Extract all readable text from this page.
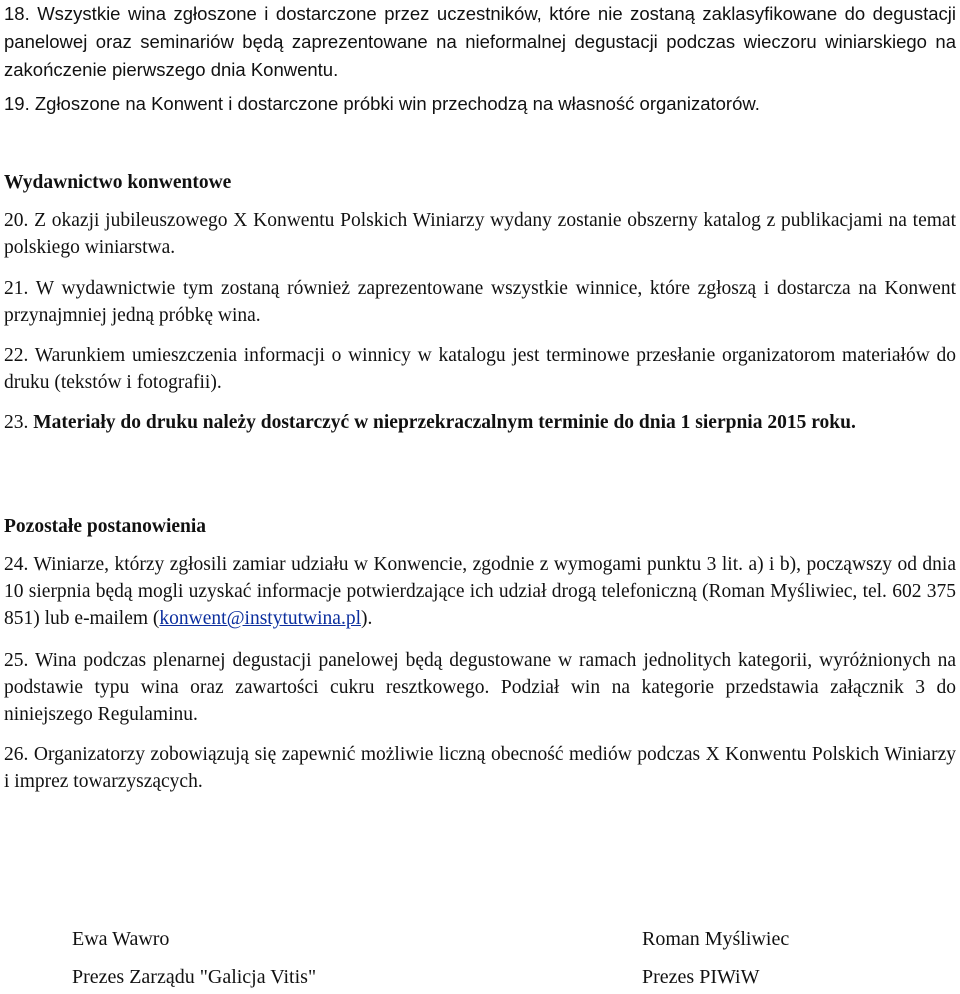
18. Wszystkie wina zgłoszone i dostarczone przez uczestników, które nie zostaną zaklasyfikowane do degustacji panelowej oraz seminariów będą zaprezentowane na nieformalnej degustacji podczas wieczoru winiarskiego na zakończenie pierwszego dnia Konwentu.

19. Zgłoszone na Konwent i dostarczone próbki win przechodzą na własność organizatorów.

Wydawnictwo konwentowe

20. Z okazji jubileuszowego X Konwentu Polskich Winiarzy wydany zostanie obszerny katalog z publikacjami na temat polskiego winiarstwa.

21. W wydawnictwie tym zostaną również zaprezentowane wszystkie winnice, które zgłoszą i dostarcza na Konwent przynajmniej jedną próbkę wina.

22. Warunkiem umieszczenia informacji o winnicy w katalogu jest terminowe przesłanie organizatorom materiałów do druku (tekstów i fotografii).

23. Materiały do druku należy dostarczyć w nieprzekraczalnym terminie do dnia 1 sierpnia 2015 roku.

Pozostałe postanowienia

24. Winiarze, którzy zgłosili zamiar udziału w Konwencie, zgodnie z wymogami punktu 3 lit. a) i b), począwszy od dnia 10 sierpnia będą mogli uzyskać informacje potwierdzające ich udział drogą telefoniczną (Roman Myśliwiec, tel. 602 375 851) lub e-mailem (konwent@instytutwina.pl).

25. Wina podczas plenarnej degustacji panelowej będą degustowane w ramach jednolitych kategorii, wyróżnionych na podstawie typu wina oraz zawartości cukru resztkowego. Podział win na kategorie przedstawia załącznik 3 do niniejszego Regulaminu.

26. Organizatorzy zobowiązują się zapewnić możliwie liczną obecność mediów podczas X Konwentu Polskich Winiarzy i imprez towarzyszących.

Ewa Wawro
Prezes Zarządu "Galicja Vitis"
Roman Myśliwiec
Prezes PIWiW
